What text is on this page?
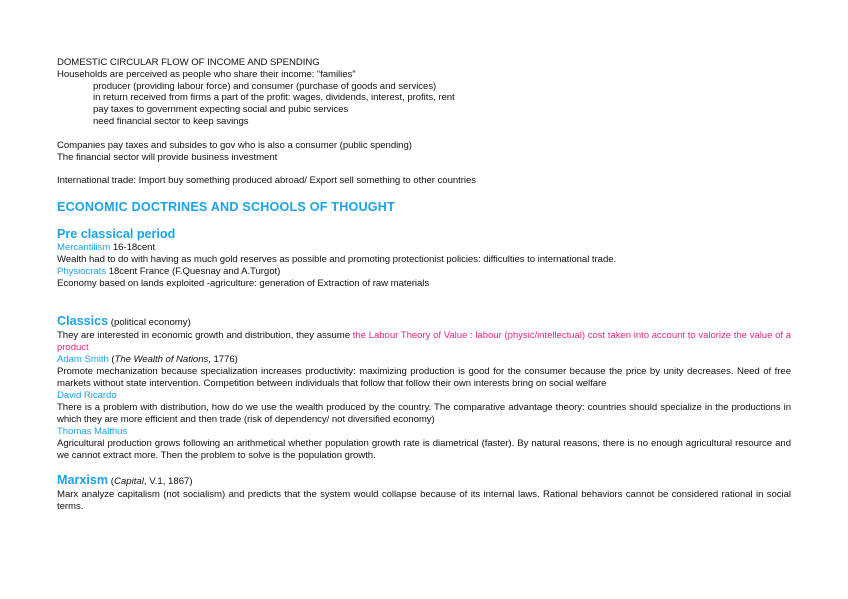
DOMESTIC CIRCULAR FLOW OF INCOME AND SPENDING
Households are perceived as people who share their income: “families”
producer (providing labour force) and consumer (purchase of goods and services)
in return received from firms a part of the profit: wages, dividends, interest, profits, rent
pay taxes to government expecting social and pubic services
need financial sector to keep savings
Companies pay taxes and subsides to gov who is also a consumer (public spending)
The financial sector will provide business investment
International trade: Import buy something produced abroad/ Export sell something to other countries
ECONOMIC DOCTRINES AND SCHOOLS OF THOUGHT
Pre classical period
Mercantilism 16-18cent
Wealth had to do with having as much gold reserves as possible and promoting protectionist policies: difficulties to international trade.
Physiocrats 18cent France (F.Quesnay and A.Turgot)
Economy based on lands exploited -agriculture: generation of Extraction of raw materials
Classics (political economy)
They are interested in economic growth and distribution, they assume the Labour Theory of Value : labour (physic/intellectual) cost taken into account to valorize the value of a product
Adam Smith (The Wealth of Nations, 1776)
Promote mechanization because specialization increases productivity: maximizing production is good for the consumer because the price by unity decreases. Need of free markets without state intervention. Competition between individuals that follow that follow their own interests bring on social welfare
David Ricardo
There is a problem with distribution, how do we use the wealth produced by the country. The comparative advantage theory: countries should specialize in the productions in which they are more efficient and then trade (risk of dependency/ not diversified economy)
Thomas Malthus
Agricultural production grows following an arithmetical whether population growth rate is diametrical (faster). By natural reasons, there is no enough agricultural resource and we cannot extract more. Then the problem to solve is the population growth.
Marxism (Capital, V.1, 1867)
Marx analyze capitalism (not socialism) and predicts that the system would collapse because of its internal laws. Rational behaviors cannot be considered rational in social terms.
